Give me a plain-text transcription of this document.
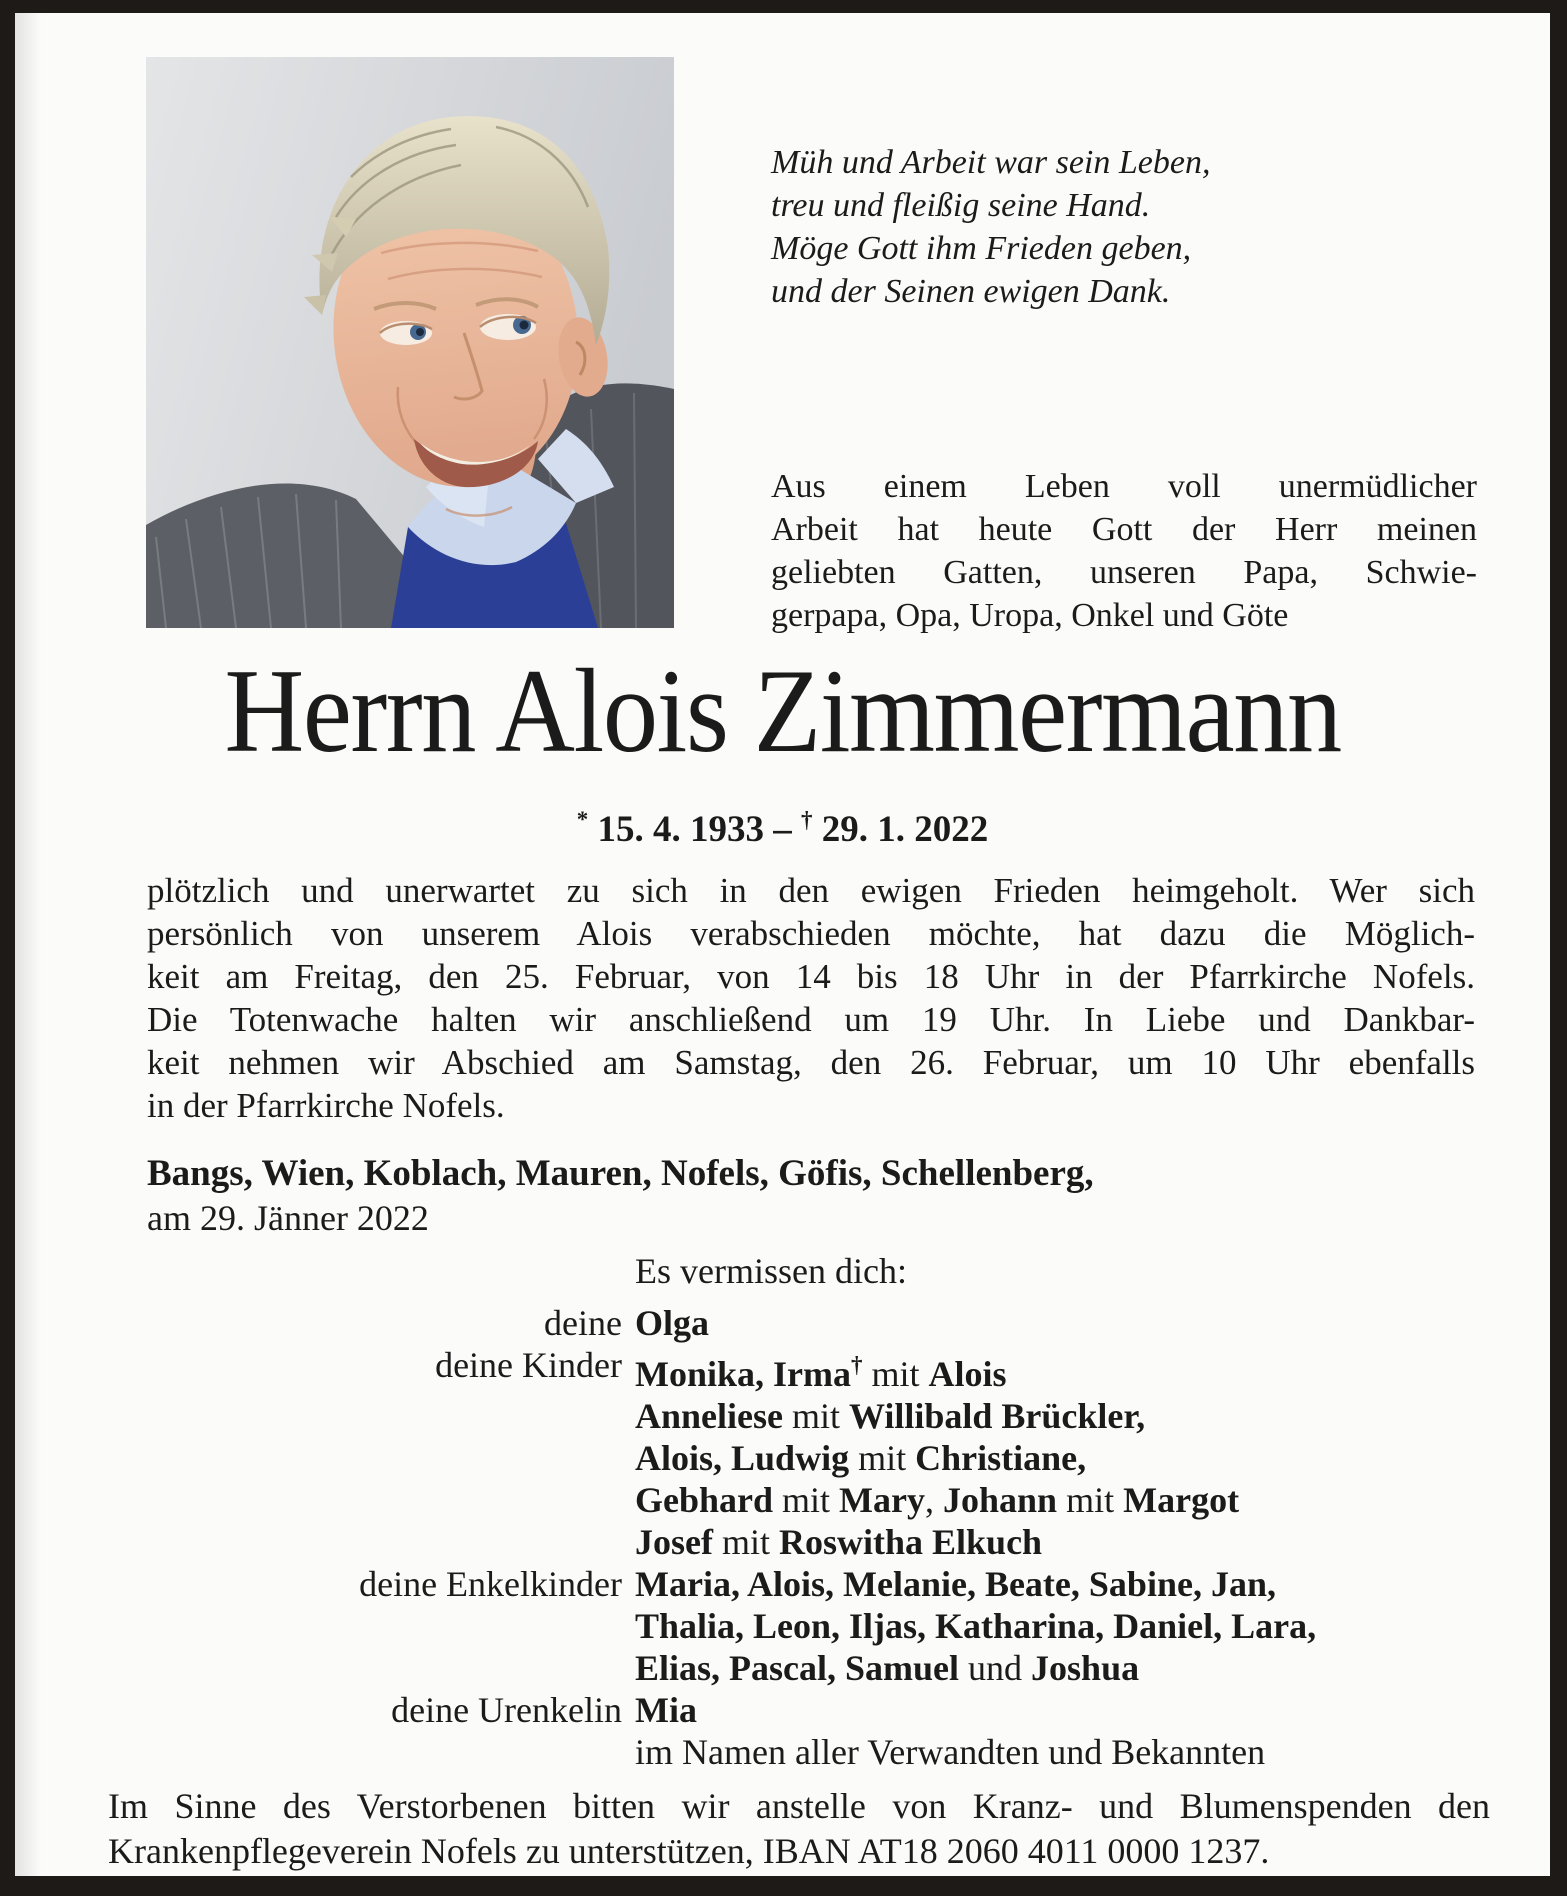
Müh und Arbeit war sein Leben,
treu und fleißig seine Hand.
Möge Gott ihm Frieden geben,
und der Seinen ewigen Dank.
Aus einem Leben voll unermüdlicher
Arbeit hat heute Gott der Herr meinen
geliebten Gatten, unseren Papa, Schwie-
gerpapa, Opa, Uropa, Onkel und Göte
Herrn Alois Zimmermann
* 15. 4. 1933 – † 29. 1. 2022
plötzlich und unerwartet zu sich in den ewigen Frieden heimgeholt. Wer sich
persönlich von unserem Alois verabschieden möchte, hat dazu die Möglich-
keit am Freitag, den 25. Februar, von 14 bis 18 Uhr in der Pfarrkirche Nofels.
Die Totenwache halten wir anschließend um 19 Uhr. In Liebe und Dankbar-
keit nehmen wir Abschied am Samstag, den 26. Februar, um 10 Uhr ebenfalls
in der Pfarrkirche Nofels.
Bangs, Wien, Koblach, Mauren, Nofels, Göfis, Schellenberg,
am 29. Jänner 2022
Es vermissen dich:
deine Olga
deine Kinder Monika, Irma† mit Alois
Anneliese mit Willibald Brückler,
Alois, Ludwig mit Christiane,
Gebhard mit Mary, Johann mit Margot
Josef mit Roswitha Elkuch
deine Enkelkinder Maria, Alois, Melanie, Beate, Sabine, Jan,
Thalia, Leon, Iljas, Katharina, Daniel, Lara,
Elias, Pascal, Samuel und Joshua
deine Urenkelin Mia
im Namen aller Verwandten und Bekannten
Im Sinne des Verstorbenen bitten wir anstelle von Kranz- und Blumenspenden den
Krankenpflegeverein Nofels zu unterstützen, IBAN AT18 2060 4011 0000 1237.
